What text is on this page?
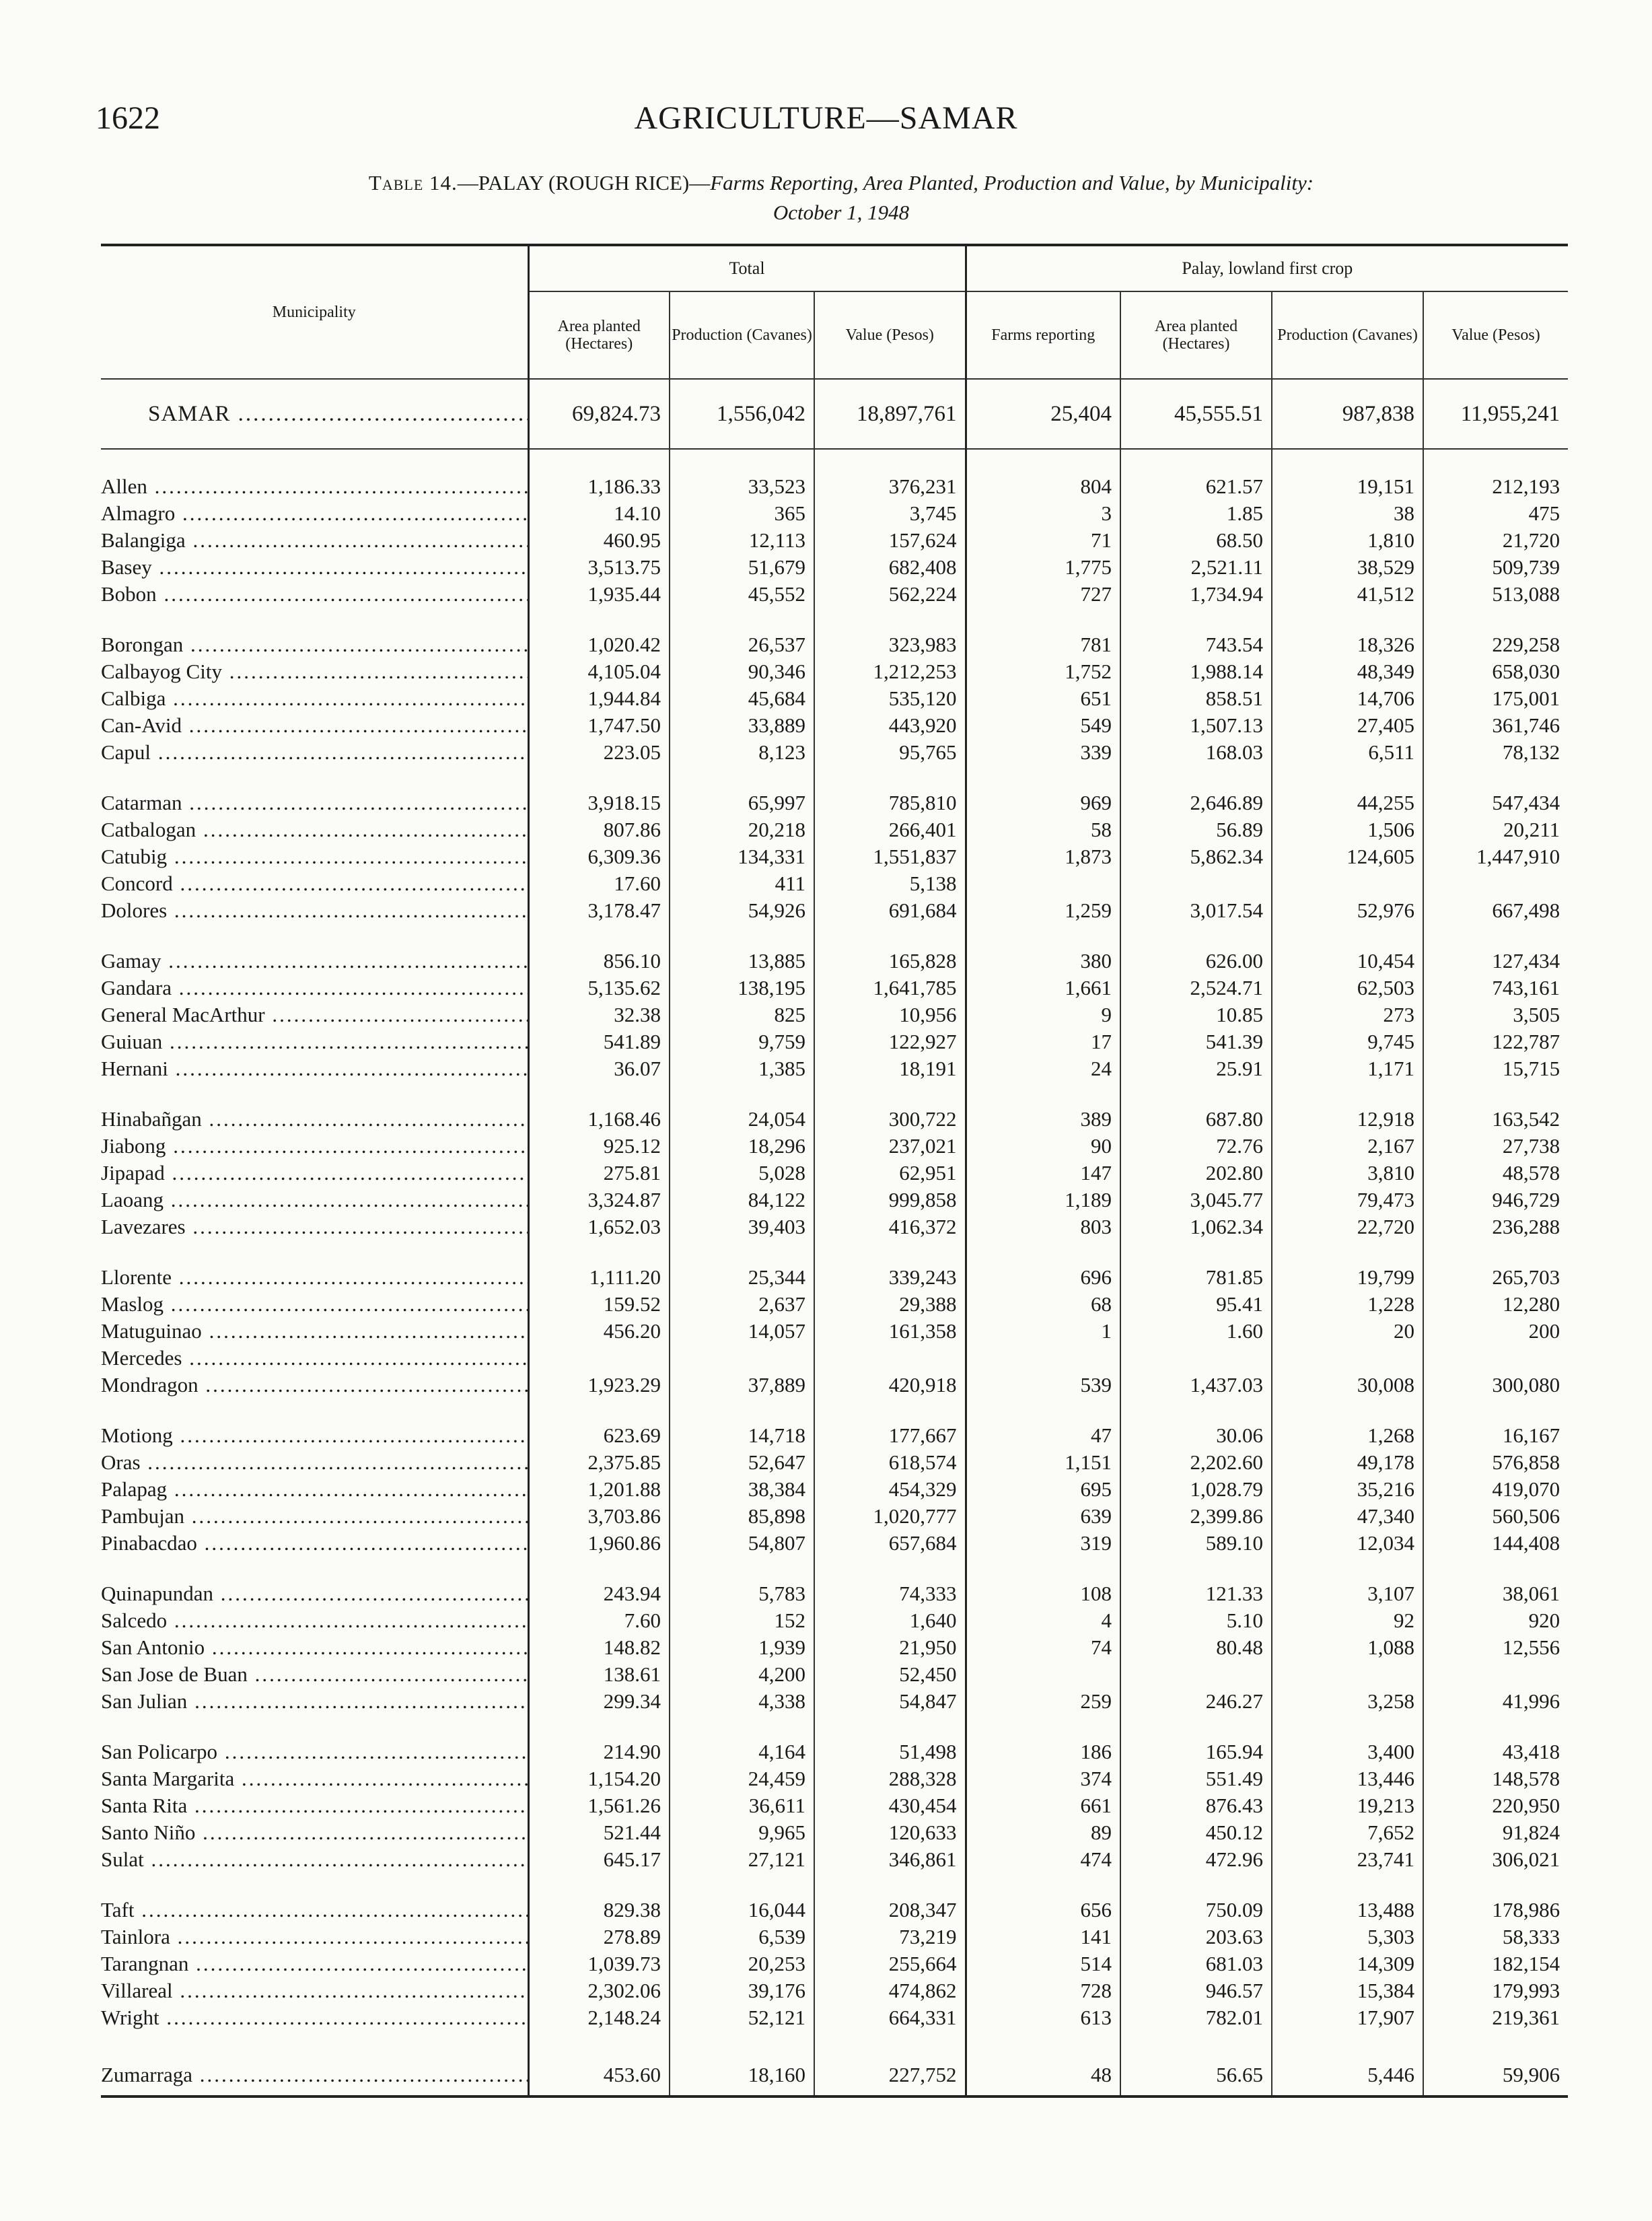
1622	AGRICULTURE—SAMAR
Table 14.—PALAY (ROUGH RICE)—Farms Reporting, Area Planted, Production and Value, by Municipality:
October 1, 1948
Municipality	Total			Palay, lowland first crop			
	Area planted (Hectares)	Production (Cavanes)	Value (Pesos)	Farms reporting	Area planted (Hectares)	Production (Cavanes)	Value (Pesos)
SAMAR .....	69,824.73	1,556,042	18,897,761	25,404	45,555.51	987,838	11,955,241

Allen .....	1,186.33	33,523	376,231	804	621.57	19,151	212,193
Almagro .....	14.10	365	3,745	3	1.85	38	475
Balangiga .....	460.95	12,113	157,624	71	68.50	1,810	21,720
Basey .....	3,513.75	51,679	682,408	1,775	2,521.11	38,529	509,739
Bobon .....	1,935.44	45,552	562,224	727	1,734.94	41,512	513,088

Borongan .....	1,020.42	26,537	323,983	781	743.54	18,326	229,258
Calbayog City .....	4,105.04	90,346	1,212,253	1,752	1,988.14	48,349	658,030
Calbiga .....	1,944.84	45,684	535,120	651	858.51	14,706	175,001
Can-Avid .....	1,747.50	33,889	443,920	549	1,507.13	27,405	361,746
Capul .....	223.05	8,123	95,765	339	168.03	6,511	78,132

Catarman .....	3,918.15	65,997	785,810	969	2,646.89	44,255	547,434
Catbalogan .....	807.86	20,218	266,401	58	56.89	1,506	20,211
Catubig .....	6,309.36	134,331	1,551,837	1,873	5,862.34	124,605	1,447,910
Concord .....	17.60	411	5,138				
Dolores .....	3,178.47	54,926	691,684	1,259	3,017.54	52,976	667,498

Gamay .....	856.10	13,885	165,828	380	626.00	10,454	127,434
Gandara .....	5,135.62	138,195	1,641,785	1,661	2,524.71	62,503	743,161
General MacArthur .....	32.38	825	10,956	9	10.85	273	3,505
Guiuan .....	541.89	9,759	122,927	17	541.39	9,745	122,787
Hernani .....	36.07	1,385	18,191	24	25.91	1,171	15,715

Hinabañgan .....	1,168.46	24,054	300,722	389	687.80	12,918	163,542
Jiabong .....	925.12	18,296	237,021	90	72.76	2,167	27,738
Jipapad .....	275.81	5,028	62,951	147	202.80	3,810	48,578
Laoang .....	3,324.87	84,122	999,858	1,189	3,045.77	79,473	946,729
Lavezares .....	1,652.03	39,403	416,372	803	1,062.34	22,720	236,288

Llorente .....	1,111.20	25,344	339,243	696	781.85	19,799	265,703
Maslog .....	159.52	2,637	29,388	68	95.41	1,228	12,280
Matuguinao .....	456.20	14,057	161,358	1	1.60	20	200
Mercedes .....							
Mondragon .....	1,923.29	37,889	420,918	539	1,437.03	30,008	300,080

Motiong .....	623.69	14,718	177,667	47	30.06	1,268	16,167
Oras .....	2,375.85	52,647	618,574	1,151	2,202.60	49,178	576,858
Palapag .....	1,201.88	38,384	454,329	695	1,028.79	35,216	419,070
Pambujan .....	3,703.86	85,898	1,020,777	639	2,399.86	47,340	560,506
Pinabacdao .....	1,960.86	54,807	657,684	319	589.10	12,034	144,408

Quinapundan .....	243.94	5,783	74,333	108	121.33	3,107	38,061
Salcedo .....	7.60	152	1,640	4	5.10	92	920
San Antonio .....	148.82	1,939	21,950	74	80.48	1,088	12,556
San Jose de Buan .....	138.61	4,200	52,450				
San Julian .....	299.34	4,338	54,847	259	246.27	3,258	41,996

San Policarpo .....	214.90	4,164	51,498	186	165.94	3,400	43,418
Santa Margarita .....	1,154.20	24,459	288,328	374	551.49	13,446	148,578
Santa Rita .....	1,561.26	36,611	430,454	661	876.43	19,213	220,950
Santo Niño .....	521.44	9,965	120,633	89	450.12	7,652	91,824
Sulat .....	645.17	27,121	346,861	474	472.96	23,741	306,021

Taft .....	829.38	16,044	208,347	656	750.09	13,488	178,986
Tainlora .....	278.89	6,539	73,219	141	203.63	5,303	58,333
Tarangnan .....	1,039.73	20,253	255,664	514	681.03	14,309	182,154
Villareal .....	2,302.06	39,176	474,862	728	946.57	15,384	179,993
Wright .....	2,148.24	52,121	664,331	613	782.01	17,907	219,361

Zumarraga .....	453.60	18,160	227,752	48	56.65	5,446	59,906
